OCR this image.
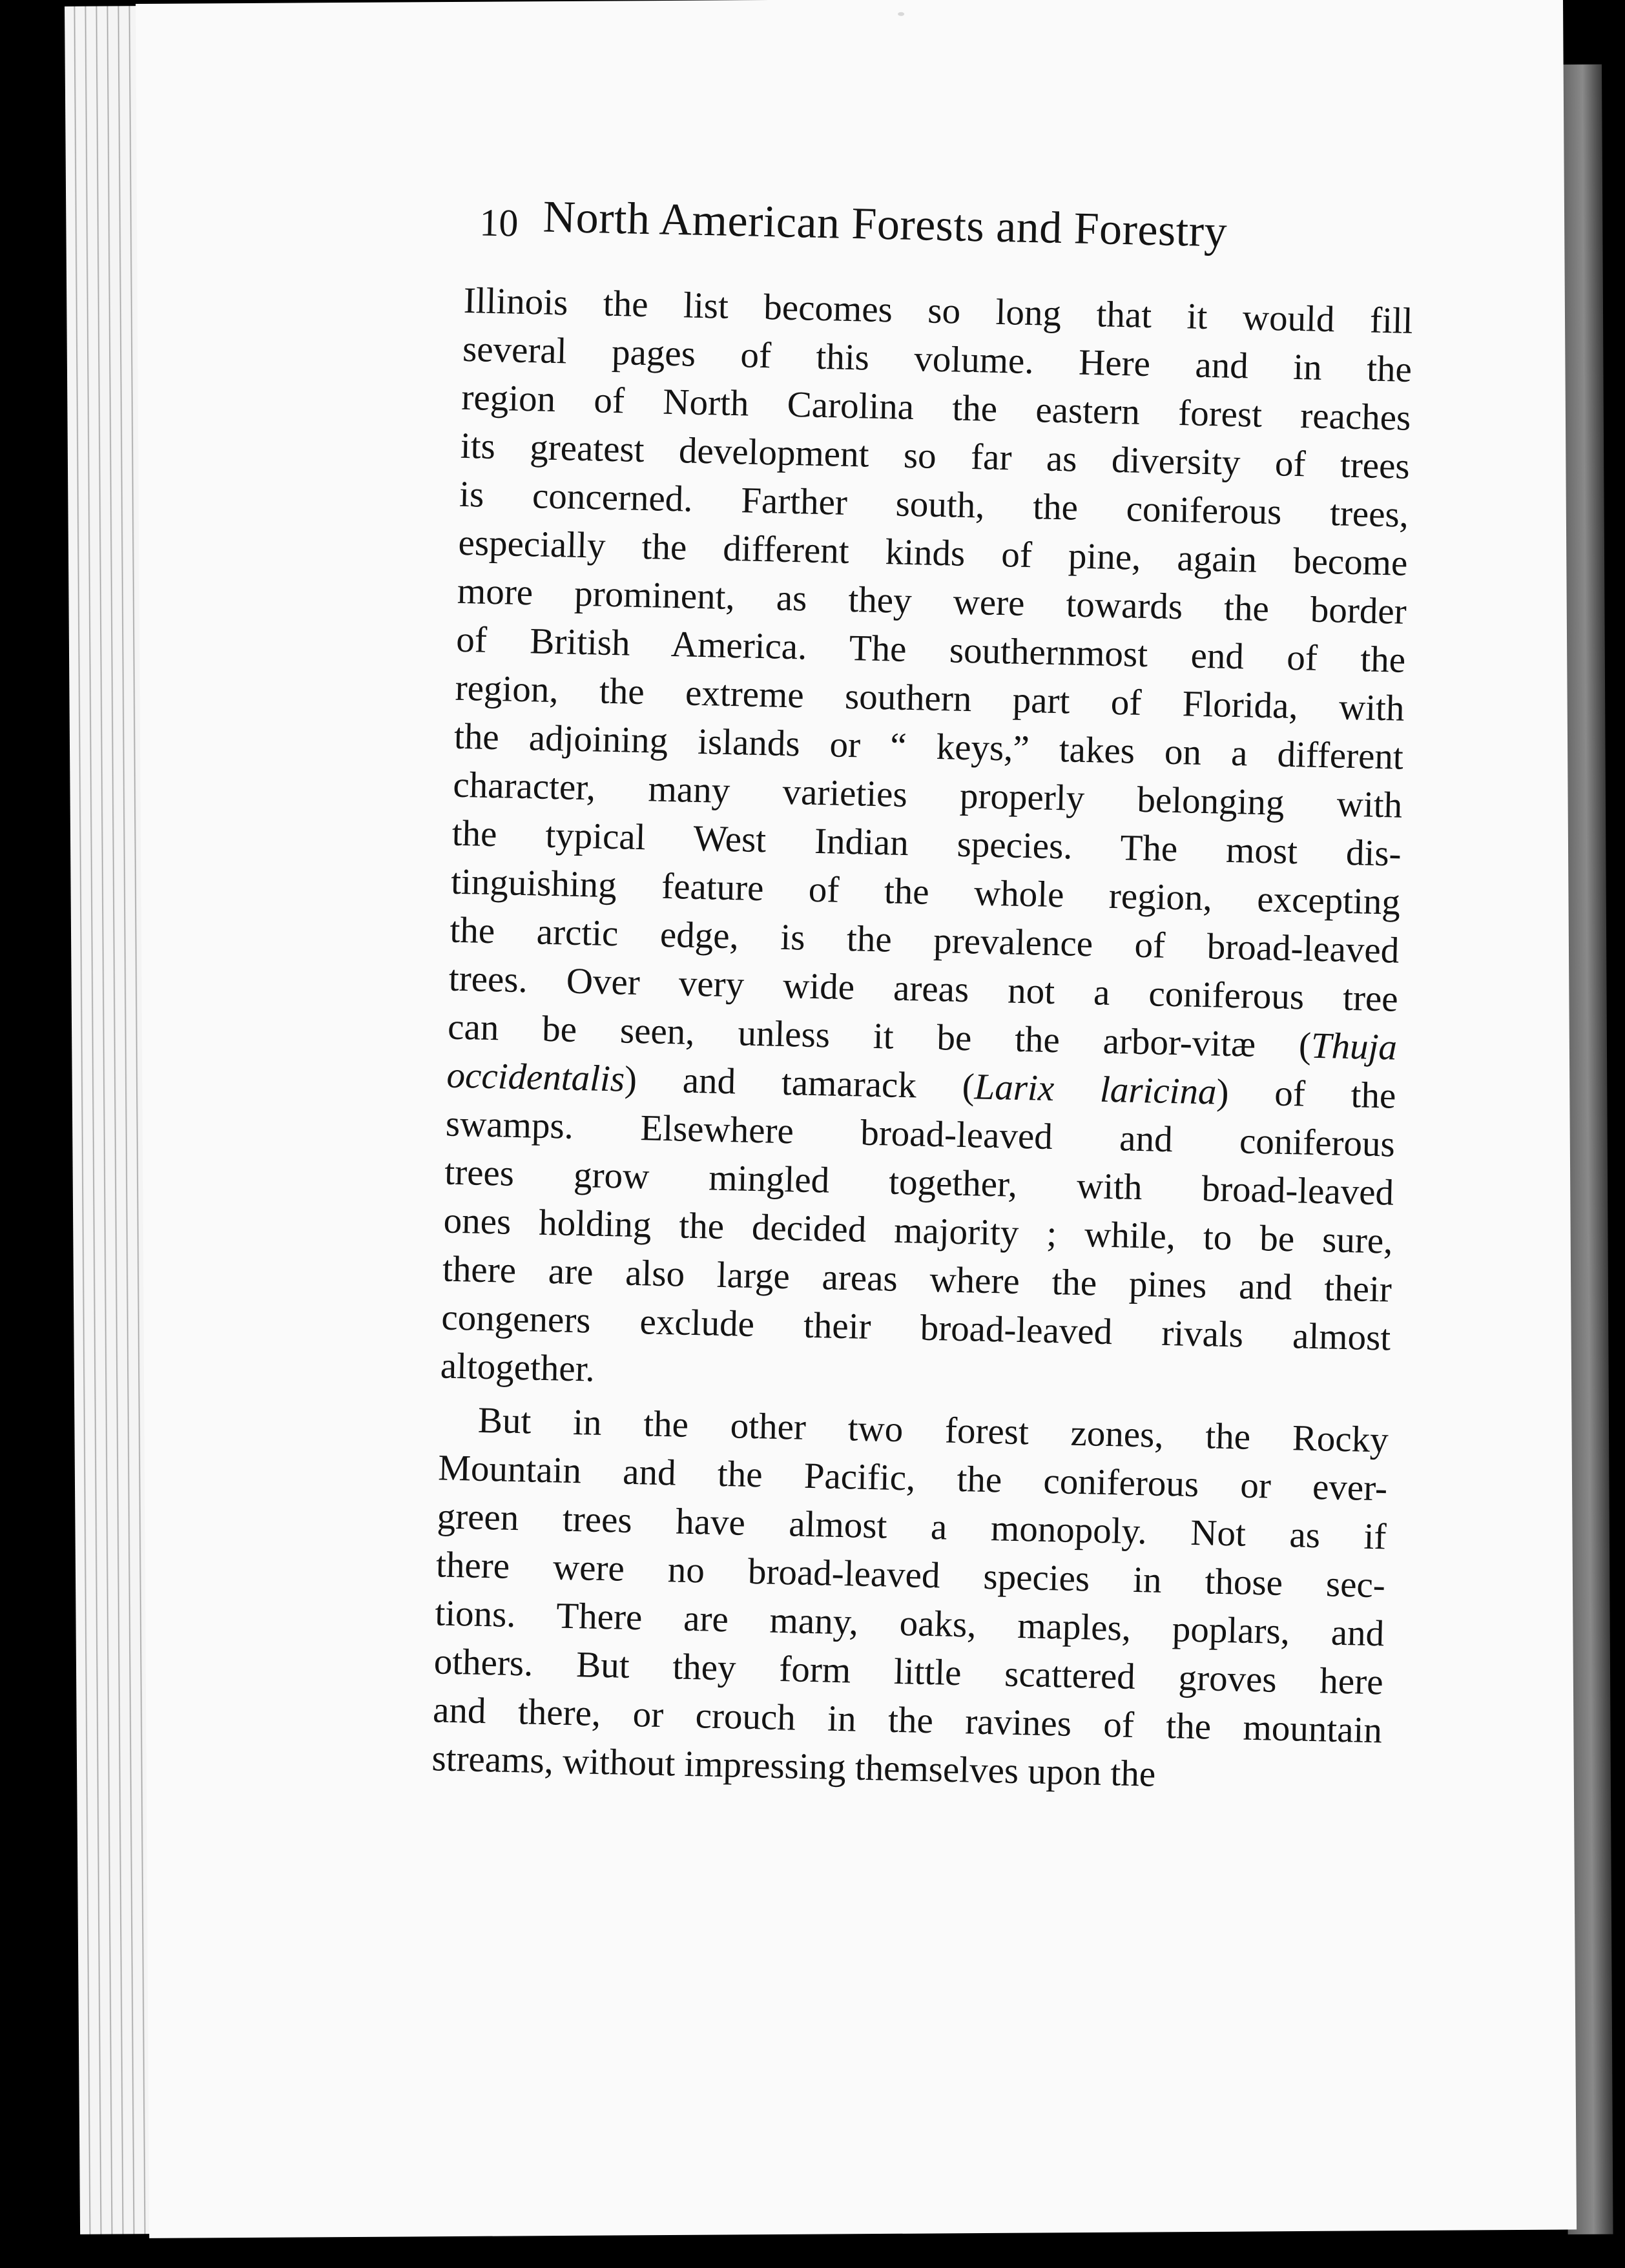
10 North American Forests and Forestry
Illinois the list becomes so long that it would fill
several pages of this volume. Here and in the
region of North Carolina the eastern forest reaches
its greatest development so far as diversity of trees
is concerned. Farther south, the coniferous trees,
especially the different kinds of pine, again become
more prominent, as they were towards the border
of British America. The southernmost end of the
region, the extreme southern part of Florida, with
the adjoining islands or “ keys,” takes on a different
character, many varieties properly belonging with
the typical West Indian species. The most dis-
tinguishing feature of the whole region, excepting
the arctic edge, is the prevalence of broad-leaved
trees. Over very wide areas not a coniferous tree
can be seen, unless it be the arbor-vitæ (Thuja
occidentalis) and tamarack (Larix laricina) of the
swamps. Elsewhere broad-leaved and coniferous
trees grow mingled together, with broad-leaved
ones holding the decided majority ; while, to be sure,
there are also large areas where the pines and their
congeners exclude their broad-leaved rivals almost
altogether.
But in the other two forest zones, the Rocky
Mountain and the Pacific, the coniferous or ever-
green trees have almost a monopoly. Not as if
there were no broad-leaved species in those sec-
tions. There are many, oaks, maples, poplars, and
others. But they form little scattered groves here
and there, or crouch in the ravines of the mountain
streams, without impressing themselves upon the
